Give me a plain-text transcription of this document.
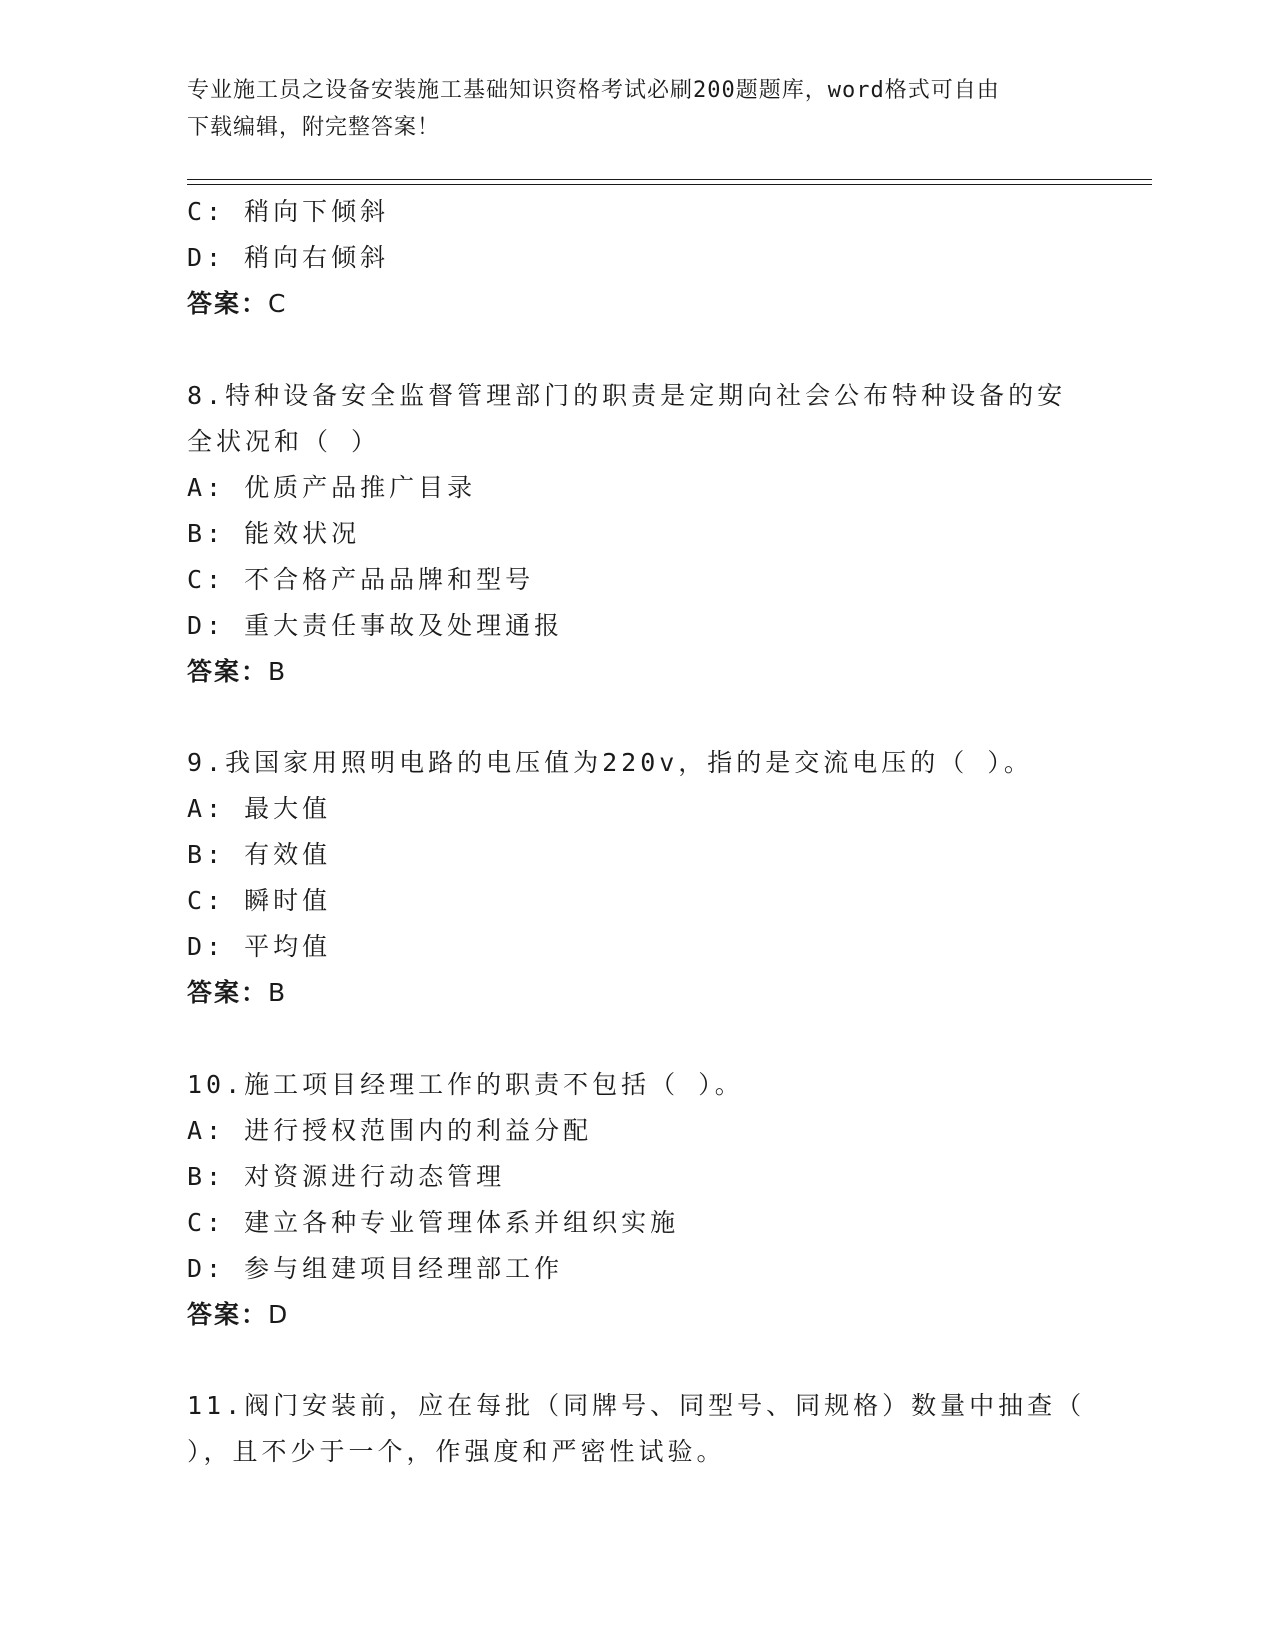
专业施工员之设备安装施工基础知识资格考试必刷200题题库，word格式可自由
下载编辑，附完整答案！
C: 稍向下倾斜
D: 稍向右倾斜
答案：C
8.特种设备安全监督管理部门的职责是定期向社会公布特种设备的安
全状况和（ ）
A: 优质产品推广目录
B: 能效状况
C: 不合格产品品牌和型号
D: 重大责任事故及处理通报
答案：B
9.我国家用照明电路的电压值为220v，指的是交流电压的（ ）。
A: 最大值
B: 有效值
C: 瞬时值
D: 平均值
答案：B
10.施工项目经理工作的职责不包括（ ）。
A: 进行授权范围内的利益分配
B: 对资源进行动态管理
C: 建立各种专业管理体系并组织实施
D: 参与组建项目经理部工作
答案：D
11.阀门安装前，应在每批（同牌号、同型号、同规格）数量中抽查（
），且不少于一个，作强度和严密性试验。
